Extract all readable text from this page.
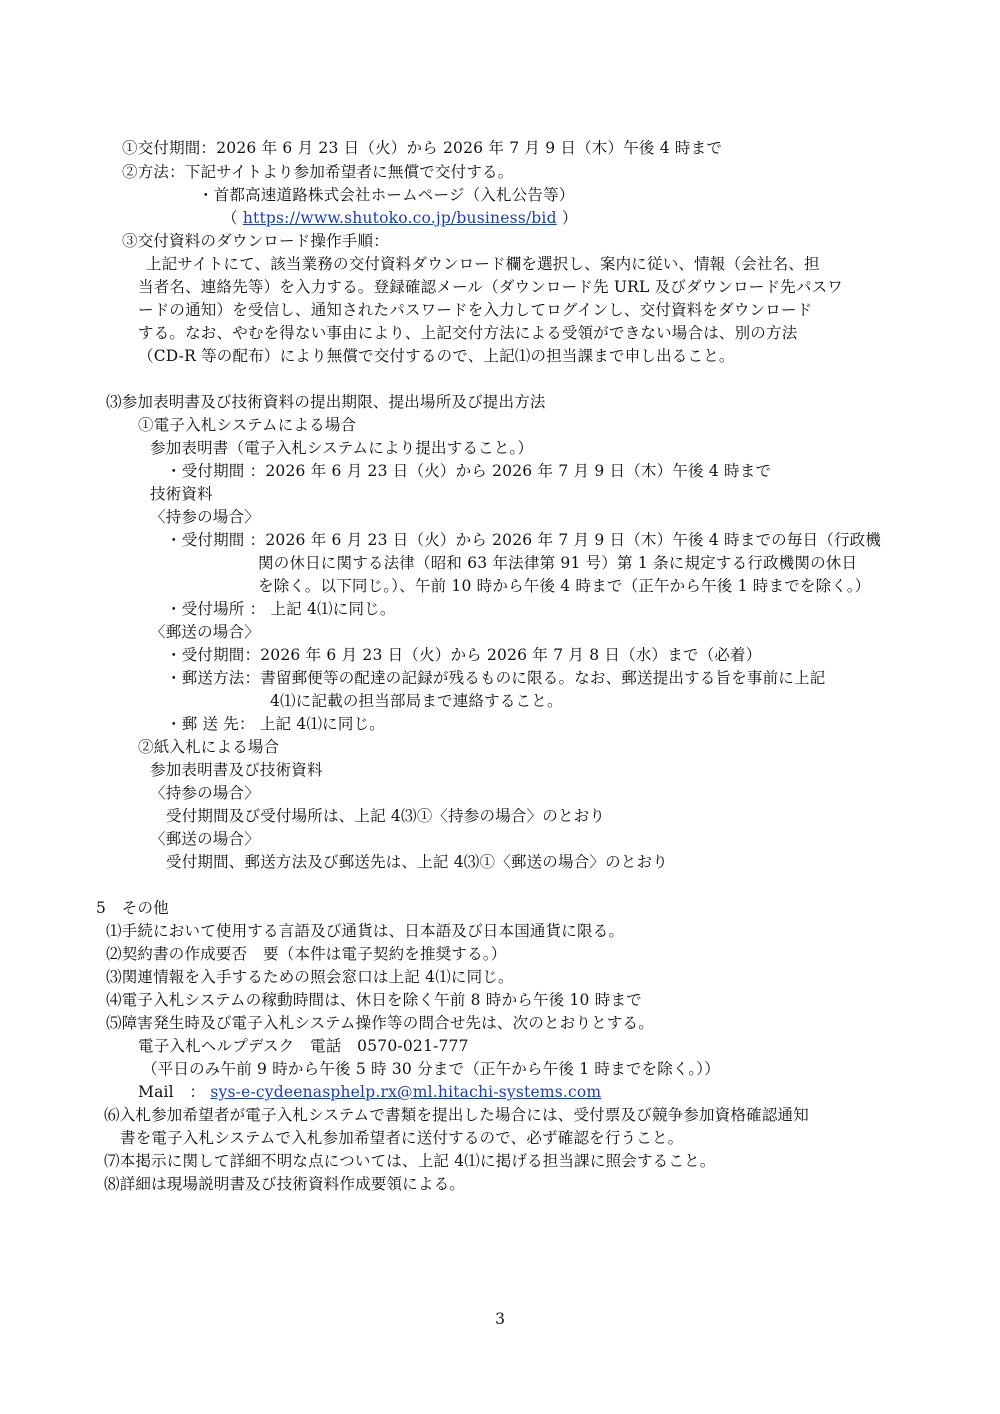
①交付期間：2026 年 6 月 23 日（火）から 2026 年 7 月 9 日（木）午後 4 時まで
②方法：下記サイトより参加希望者に無償で交付する。
・首都高速道路株式会社ホームページ（入札公告等）
（ https://www.shutoko.co.jp/business/bid ）
③交付資料のダウンロード操作手順：
上記サイトにて、該当業務の交付資料ダウンロード欄を選択し、案内に従い、情報（会社名、担
当者名、連絡先等）を入力する。登録確認メール（ダウンロード先 URL 及びダウンロード先パスワ
ードの通知）を受信し、通知されたパスワードを入力してログインし、交付資料をダウンロード
する。なお、やむを得ない事由により、上記交付方法による受領ができない場合は、別の方法
（CD-R 等の配布）により無償で交付するので、上記⑴の担当課まで申し出ること。
⑶参加表明書及び技術資料の提出期限、提出場所及び提出方法
①電子入札システムによる場合
参加表明書（電子入札システムにより提出すること。）
・受付期間 ：2026 年 6 月 23 日（火）から 2026 年 7 月 9 日（木）午後 4 時まで
技術資料
〈持参の場合〉
・受付期間 ：2026 年 6 月 23 日（火）から 2026 年 7 月 9 日（木）午後 4 時までの毎日（行政機
関の休日に関する法律（昭和 63 年法律第 91 号）第 1 条に規定する行政機関の休日
を除く。以下同じ。）、午前 10 時から午後 4 時まで（正午から午後 1 時までを除く。）
・受付場所 ： 上記 4⑴に同じ。
〈郵送の場合〉
・受付期間：2026 年 6 月 23 日（火）から 2026 年 7 月 8 日（水）まで（必着）
・郵送方法：書留郵便等の配達の記録が残るものに限る。なお、郵送提出する旨を事前に上記
4⑴に記載の担当部局まで連絡すること。
・郵 送 先： 上記 4⑴に同じ。
②紙入札による場合
参加表明書及び技術資料
〈持参の場合〉
受付期間及び受付場所は、上記 4⑶①〈持参の場合〉のとおり
〈郵送の場合〉
受付期間、郵送方法及び郵送先は、上記 4⑶①〈郵送の場合〉のとおり
5　その他
⑴手続において使用する言語及び通貨は、日本語及び日本国通貨に限る。
⑵契約書の作成要否　要（本件は電子契約を推奨する。）
⑶関連情報を入手するための照会窓口は上記 4⑴に同じ。
⑷電子入札システムの稼動時間は、休日を除く午前 8 時から午後 10 時まで
⑸障害発生時及び電子入札システム操作等の問合せ先は、次のとおりとする。
電子入札ヘルプデスク　電話　0570-021-777
（平日のみ午前 9 時から午後 5 時 30 分まで（正午から午後 1 時までを除く。））
Mail　： sys-e-cydeenasphelp.rx@ml.hitachi-systems.com
⑹入札参加希望者が電子入札システムで書類を提出した場合には、受付票及び競争参加資格確認通知
書を電子入札システムで入札参加希望者に送付するので、必ず確認を行うこと。
⑺本掲示に関して詳細不明な点については、上記 4⑴に掲げる担当課に照会すること。
⑻詳細は現場説明書及び技術資料作成要領による。
3
